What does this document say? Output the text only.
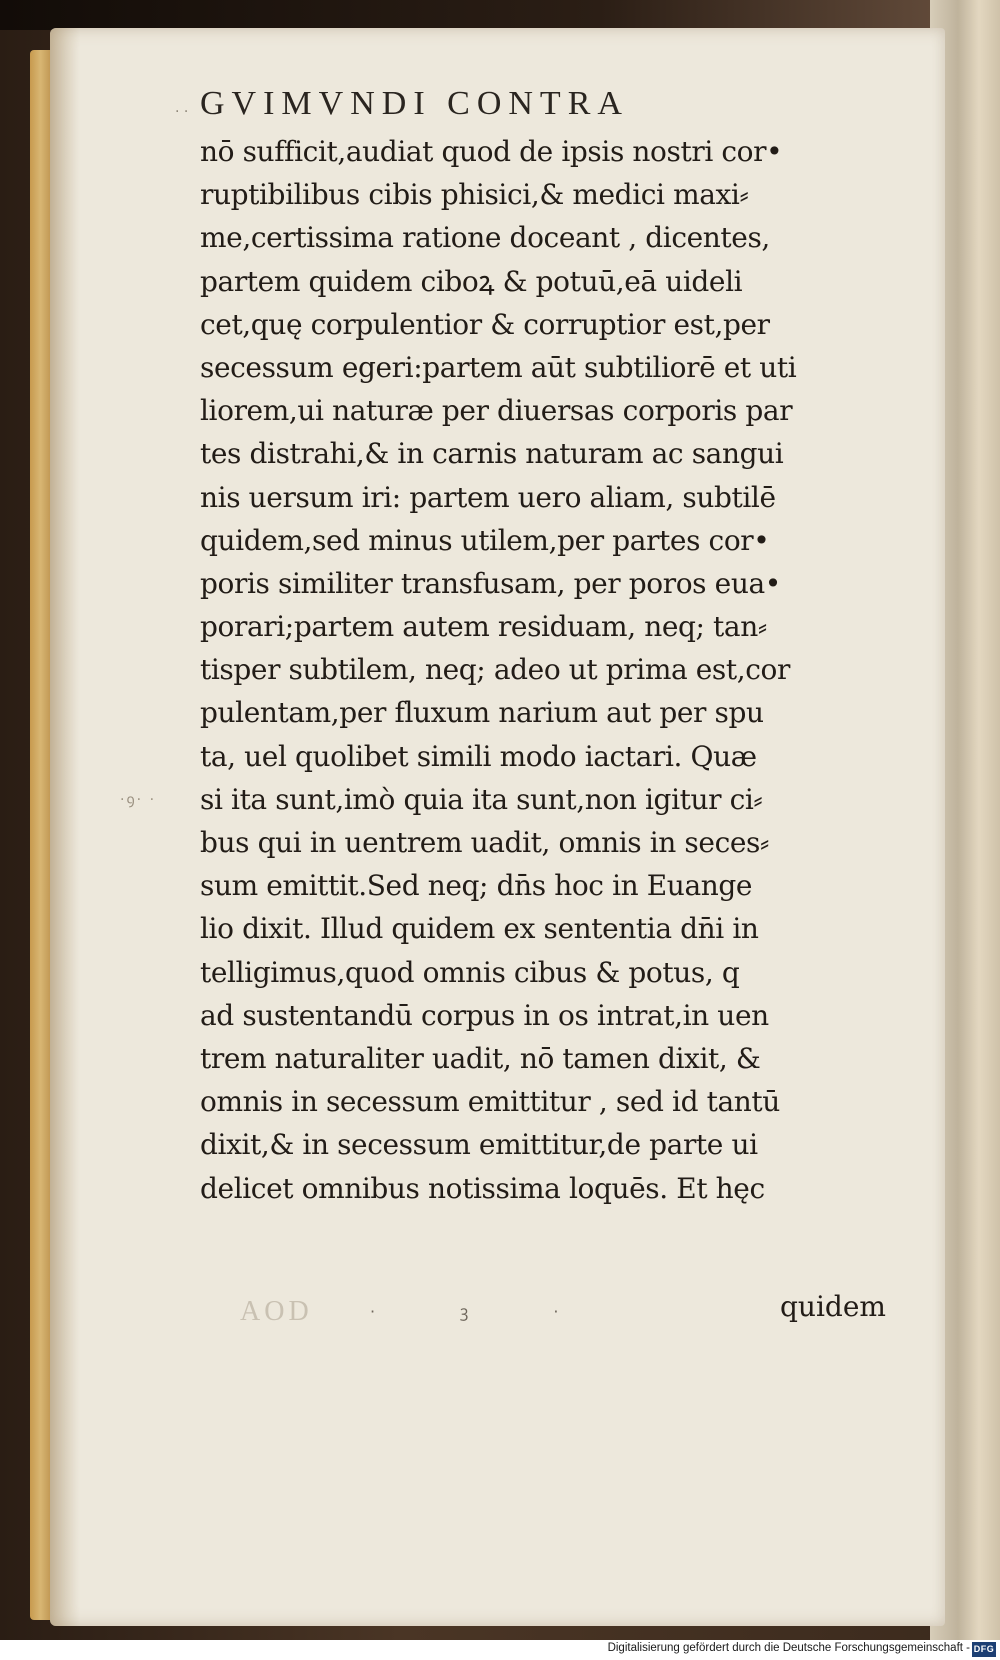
. . GVIMVNDI CONTRA
nō sufficit,audiat quod de ipsis nostri cor•
ruptibilibus cibis phisici,& medici maxi⸗
me,certissima ratione doceant , dicentes,
partem quidem ciboꝝ & potuū,eā uideli
cet,quę corpulentior & corruptior est,per
secessum egeri:partem aūt subtiliorē et uti
liorem,ui naturæ per diuersas corporis par
tes distrahi,& in carnis naturam ac sangui
nis uersum iri: partem uero aliam, subtilē
quidem,sed minus utilem,per partes cor•
poris similiter transfusam, per poros eua•
porari;partem autem residuam, neq; tan⸗
tisper subtilem, neq; adeo ut prima est,cor
pulentam,per fluxum narium aut per spu
ta, uel quolibet simili modo iactari. Quæ
si ita sunt,imò quia ita sunt,non igitur ci⸗
bus qui in uentrem uadit, omnis in seces⸗
sum emittit.Sed neq; dn̄s hoc in Euange
lio dixit. Illud quidem ex sententia dn̄i in
telligimus,quod omnis cibus & potus, q
ad sustentandū corpus in os intrat,in uen
trem naturaliter uadit, nō tamen dixit, &
omnis in secessum emittitur , sed id tantū
dixit,& in secessum emittitur,de parte ui
delicet omnibus notissima loquēs. Et hęc
·ꝯ· ·
AOD	· ꝫ ·	quidem
Digitalisierung gefördert durch die Deutsche Forschungsgemeinschaft - DFG
